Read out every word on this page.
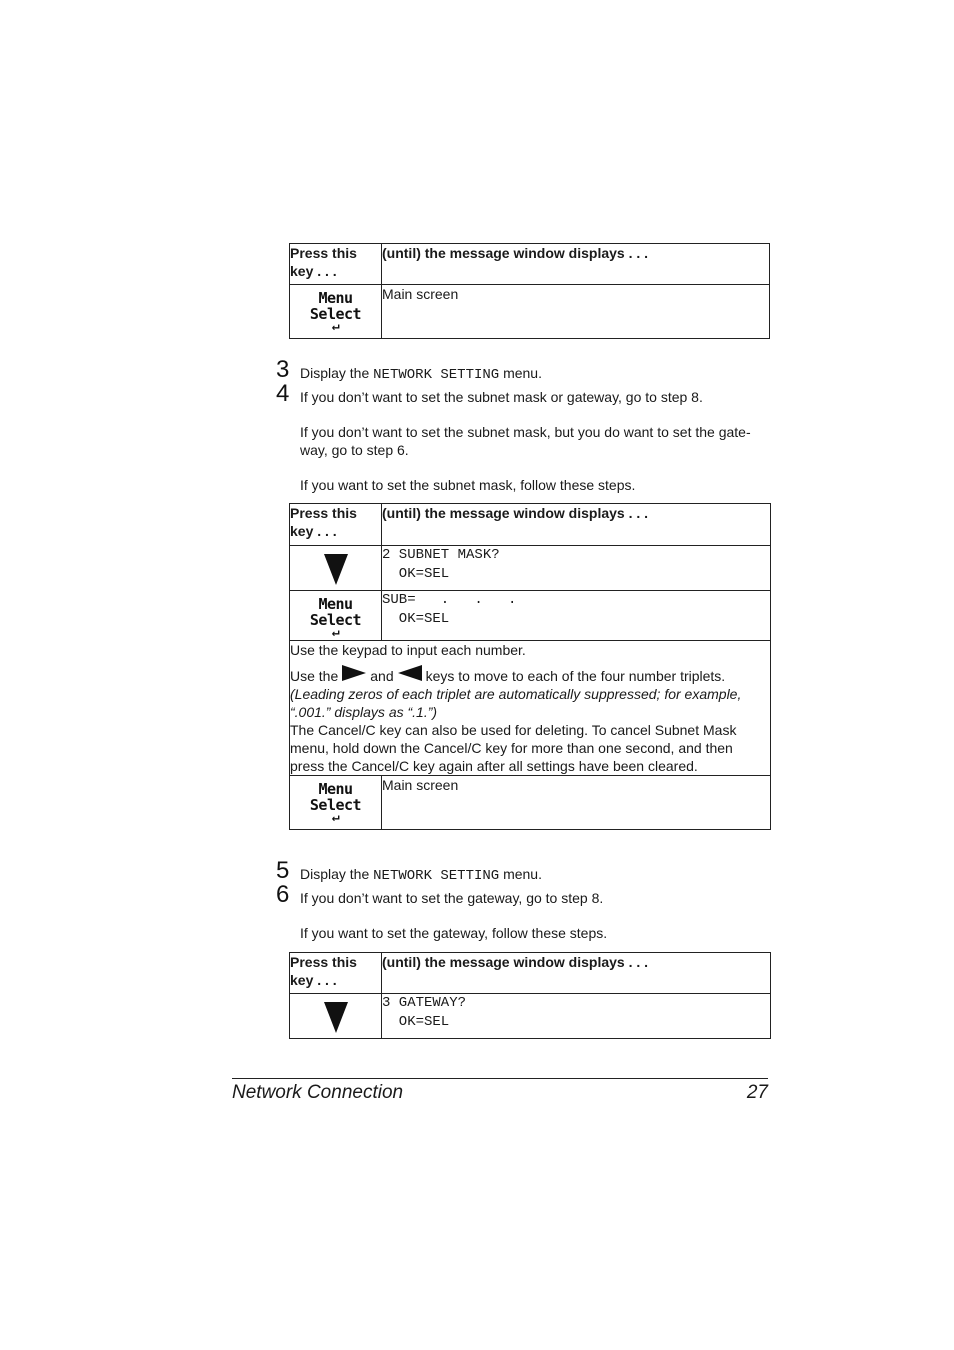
Press this key . . .	(until) the message window displays . . .

Menu
Select
↵	Main screen
3 Display the NETWORK SETTING menu.
4 If you don’t want to set the subnet mask or gateway, go to step 8.
If you don’t want to set the subnet mask, but you do want to set the gate-way, go to step 6.
If you want to set the subnet mask, follow these steps.
Press this key . . .	(until) the message window displays . . .
	2 SUBNET MASK?
OK=SEL

Menu
Select
↵	SUB=   .   .   .
OK=SEL

Use the keypad to input each number.

Use the and keys to move to each of the four number triplets.

(Leading zeros of each triplet are automatically suppressed; for example, “.001.” displays as “.1.”)

The Cancel/C key can also be used for deleting. To cancel Subnet Mask menu, hold down the Cancel/C key for more than one second, and then press the Cancel/C key again after all settings have been cleared.	

Menu
Select
↵	Main screen
5 Display the NETWORK SETTING menu.
6 If you don’t want to set the gateway, go to step 8.
If you want to set the gateway, follow these steps.
Press this key . . .	(until) the message window displays . . .
	3 GATEWAY?
OK=SEL
Network Connection	27
